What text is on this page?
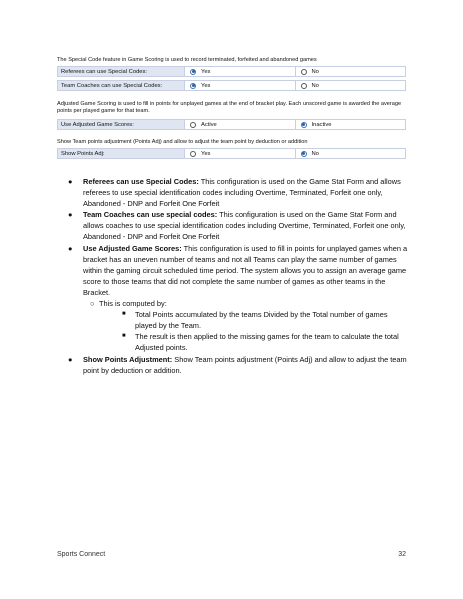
The Special Code feature in Game Scoring is used to record terminated, forfeited and abandoned games
Referees can use Special Codes:	Yes	No
Team Coaches can use Special Codes:	Yes	No
Adjusted Game Scoring is used to fill in points for unplayed games at the end of bracket play. Each unscored game is awarded the average points per played game for that team.
Use Adjusted Game Scores:	Active	Inactive
Show Team points adjustment (Points Adj) and allow to adjust the team point by deduction or addition
Show Points Adj:	Yes	No
● Referees can use Special Codes: This configuration is used on the Game Stat Form and allows referees to use special identification codes including Overtime, Terminated, Forfeit one only, Abandoned - DNP and Forfeit One Forfeit
● Team Coaches can use special codes: This configuration is used on the Game Stat Form and allows coaches to use special identification codes including Overtime, Terminated, Forfeit one only, Abandoned - DNP and Forfeit One Forfeit
● Use Adjusted Game Scores: This configuration is used to fill in points for unplayed games when a bracket has an uneven number of teams and not all Teams can play the same number of games within the gaming circuit scheduled time period. The system allows you to assign an average game score to those teams that did not complete the same number of games as other teams in the Bracket.
○ This is computed by:
■ Total Points accumulated by the teams Divided by the Total number of games played by the Team.
■ The result is then applied to the missing games for the team to calculate the total Adjusted points.
● Show Points Adjustment: Show Team points adjustment (Points Adj) and allow to adjust the team point by deduction or addition.
Sports Connect	32
